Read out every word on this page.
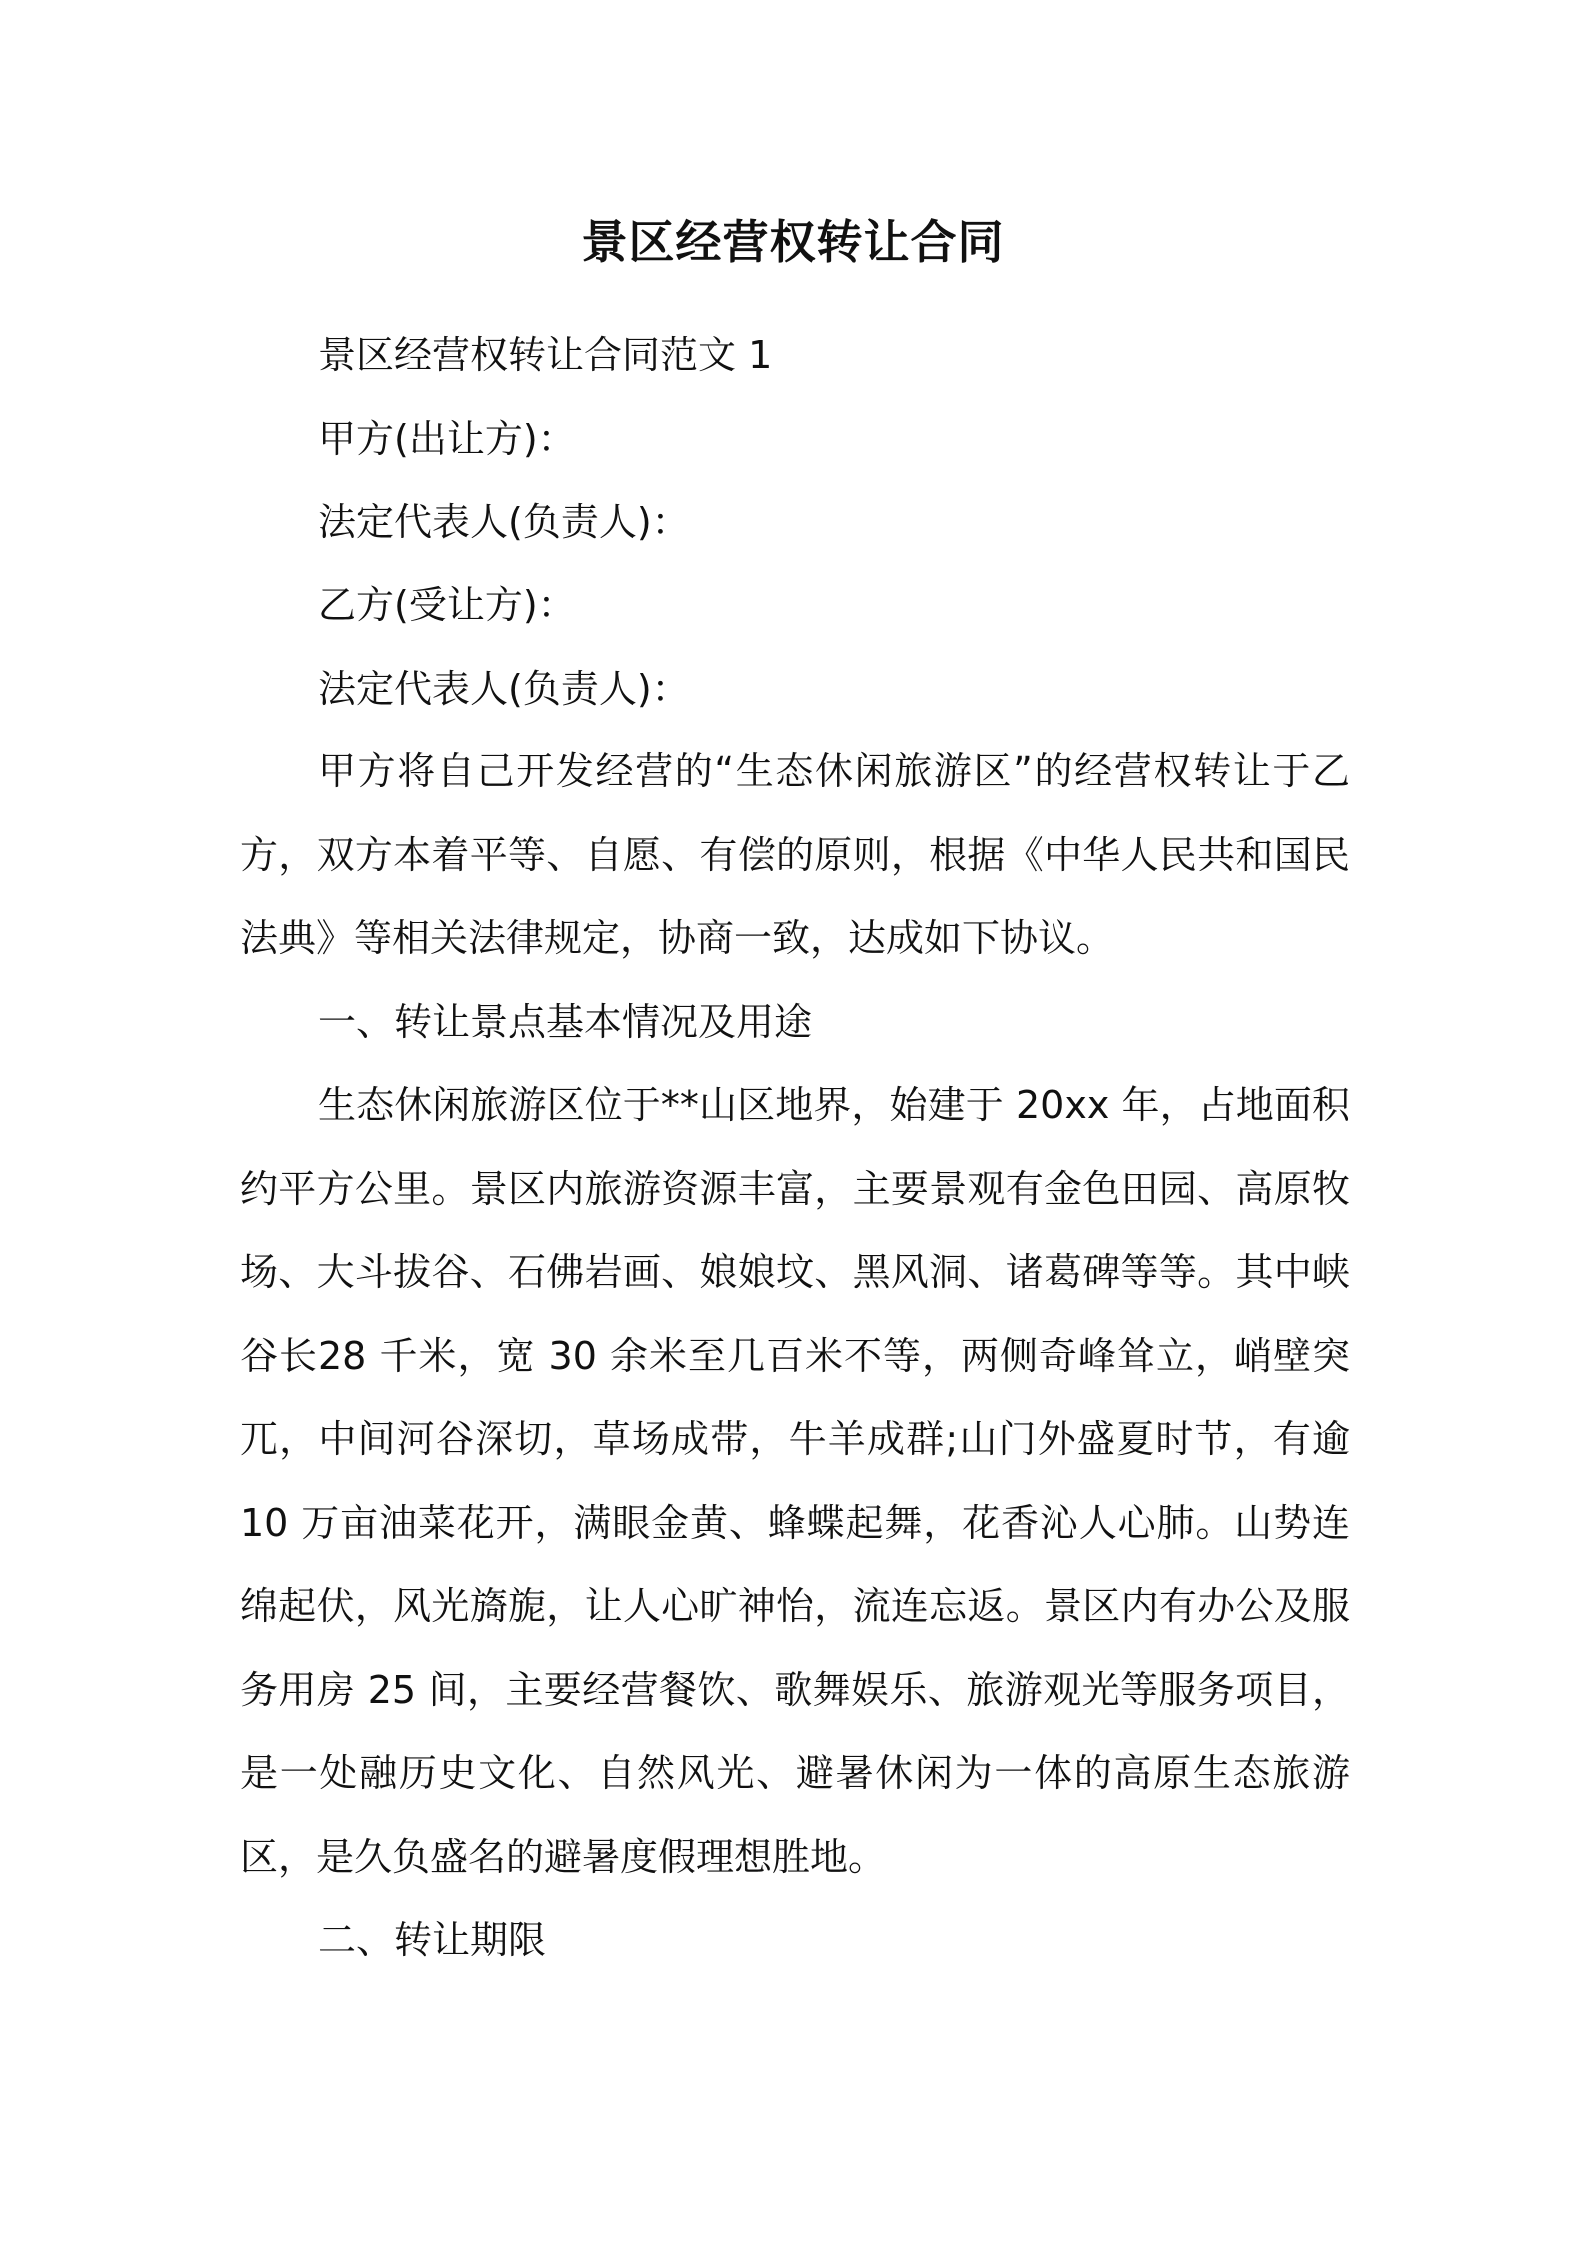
景区经营权转让合同
景区经营权转让合同范文 1
甲方(出让方)：
法定代表人(负责人)：
乙方(受让方)：
法定代表人(负责人)：

甲方将自己开发经营的“生态休闲旅游区”的经营权转让于乙方，双方本着平等、自愿、有偿的原则，根据《中华人民共和国民法典》等相关法律规定，协商一致，达成如下协议。

一、转让景点基本情况及用途

生态休闲旅游区位于**山区地界，始建于 20xx 年，占地面积约平方公里。景区内旅游资源丰富，主要景观有金色田园、高原牧场、大斗拔谷、石佛岩画、娘娘坟、黑风洞、诸葛碑等等。其中峡谷长28 千米，宽 30 余米至几百米不等，两侧奇峰耸立，峭壁突兀，中间河谷深切，草场成带，牛羊成群;山门外盛夏时节，有逾 10 万亩油菜花开，满眼金黄、蜂蝶起舞，花香沁人心肺。山势连绵起伏，风光旖旎，让人心旷神怡，流连忘返。景区内有办公及服务用房 25 间，主要经营餐饮、歌舞娱乐、旅游观光等服务项目，是一处融历史文化、自然风光、避暑休闲为一体的高原生态旅游区，是久负盛名的避暑度假理想胜地。

二、转让期限
